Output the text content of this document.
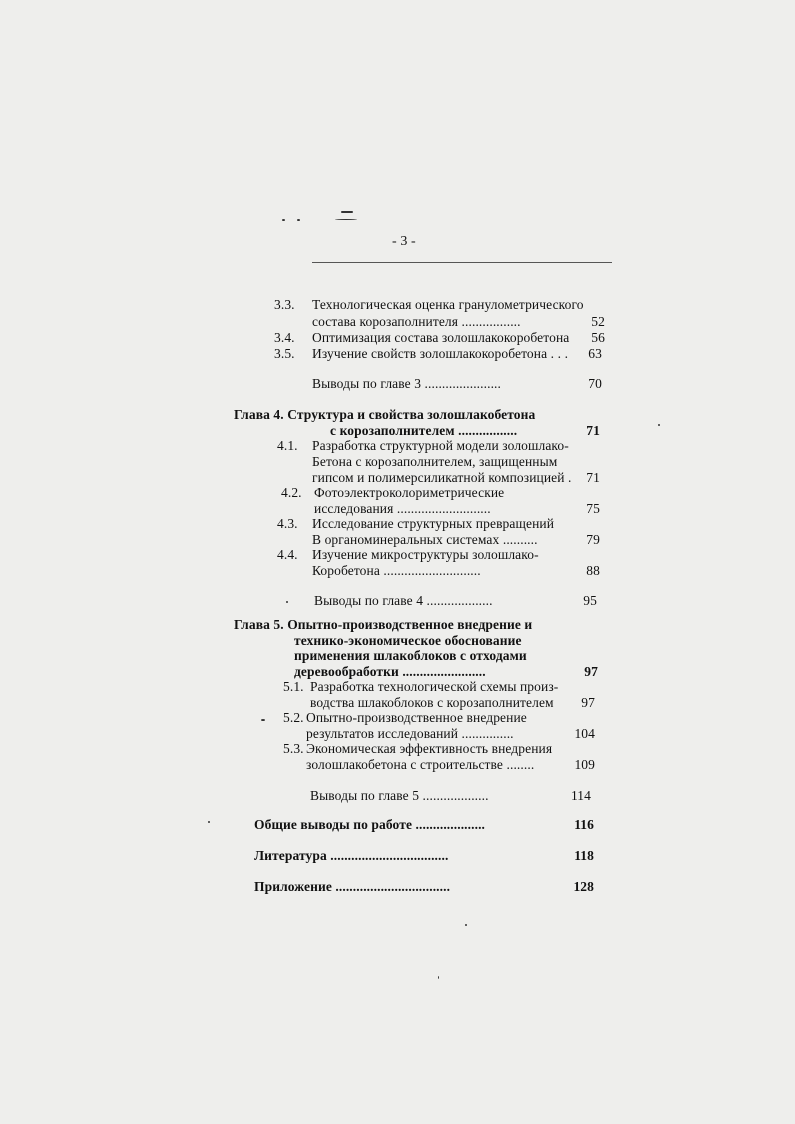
- 3 -
3.3. Технологическая оценка гранулометрического
состава корозаполнителя .................	52
3.4. Оптимизация состава золошлакокоробетона	56
3.5. Изучение свойств золошлакокоробетона . . .	63
Выводы по главе 3 ......................	70
Глава 4. Структура и свойства золошлакобетона
с корозаполнителем .................	71
4.1. Разработка структурной модели золошлако-
Бетона с корозаполнителем, защищенным
гипсом и полимерсиликатной композицией .	71
4.2. Фотоэлектроколориметрические
исследования ...........................	75
4.3. Исследование структурных превращений
В органоминеральных системах ..........	79
4.4. Изучение микроструктуры золошлако-
Коробетона ............................	88
Выводы по главе 4 ...................	95
Глава 5. Опытно-производственное внедрение и
технико-экономическое обоснование
применения шлакоблоков с отходами
деревообработки ........................	97
5.1. Разработка технологической схемы произ-
водства шлакоблоков с корозаполнителем	97
5.2. Опытно-производственное внедрение
результатов исследований ...............	104
5.3. Экономическая эффективность внедрения
золошлакобетона с строительстве ........	109
Выводы по главе 5 ...................	114
Общие выводы по работе ....................	116
Литература ..................................	118
Приложение .................................	128
